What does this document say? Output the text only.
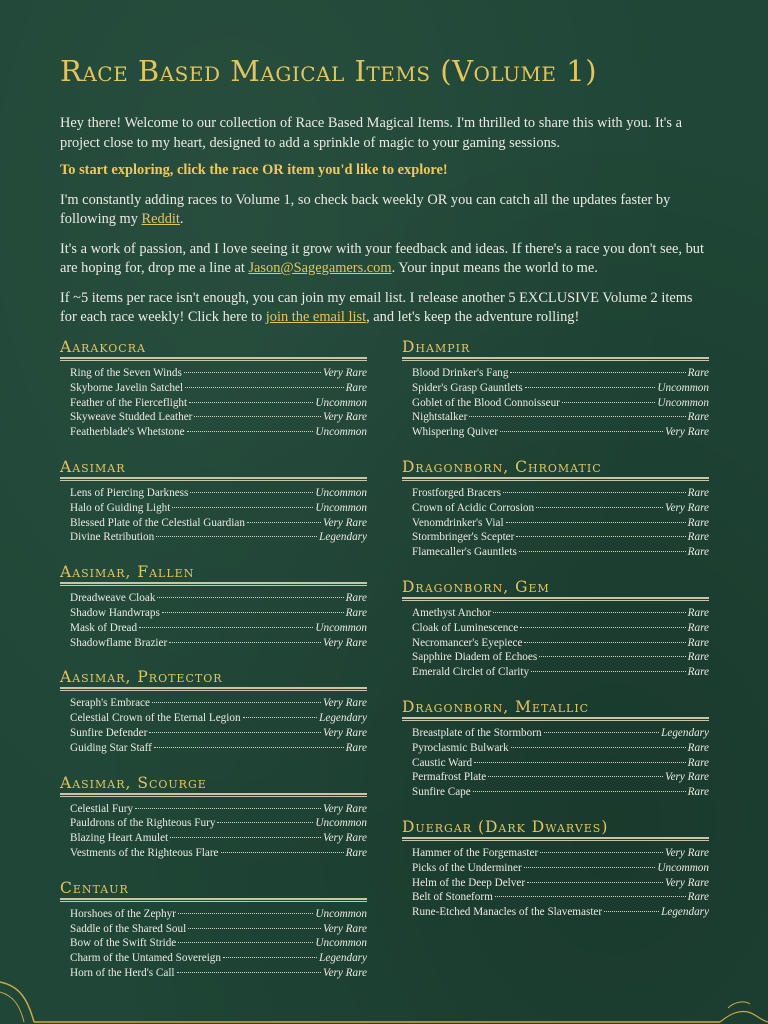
Race Based Magical Items (Volume 1)

Hey there! Welcome to our collection of Race Based Magical Items. I'm thrilled to share this with you. It's a project close to my heart, designed to add a sprinkle of magic to your gaming sessions.

To start exploring, click the race OR item you'd like to explore!

I'm constantly adding races to Volume 1, so check back weekly OR you can catch all the updates faster by following my Reddit.

It's a work of passion, and I love seeing it grow with your feedback and ideas. If there's a race you don't see, but are hoping for, drop me a line at Jason@Sagegamers.com. Your input means the world to me.

If ~5 items per race isn't enough, you can join my email list. I release another 5 EXCLUSIVE Volume 2 items for each race weekly! Click here to join the email list, and let's keep the adventure rolling!

Aarakocra
Ring of the Seven Winds	Very Rare
Skyborne Javelin Satchel	Rare
Feather of the Fierceflight	Uncommon
Skyweave Studded Leather	Very Rare
Featherblade's Whetstone	Uncommon
Aasimar
Lens of Piercing Darkness	Uncommon
Halo of Guiding Light	Uncommon
Blessed Plate of the Celestial Guardian	Very Rare
Divine Retribution	Legendary
Aasimar, Fallen
Dreadweave Cloak	Rare
Shadow Handwraps	Rare
Mask of Dread	Uncommon
Shadowflame Brazier	Very Rare
Aasimar, Protector
Seraph's Embrace	Very Rare
Celestial Crown of the Eternal Legion	Legendary
Sunfire Defender	Very Rare
Guiding Star Staff	Rare
Aasimar, Scourge
Celestial Fury	Very Rare
Pauldrons of the Righteous Fury	Uncommon
Blazing Heart Amulet	Very Rare
Vestments of the Righteous Flare	Rare
Centaur
Horshoes of the Zephyr	Uncommon
Saddle of the Shared Soul	Very Rare
Bow of the Swift Stride	Uncommon
Charm of the Untamed Sovereign	Legendary
Horn of the Herd's Call	Very Rare
Dhampir
Blood Drinker's Fang	Rare
Spider's Grasp Gauntlets	Uncommon
Goblet of the Blood Connoisseur	Uncommon
Nightstalker	Rare
Whispering Quiver	Very Rare
Dragonborn, Chromatic
Frostforged Bracers	Rare
Crown of Acidic Corrosion	Very Rare
Venomdrinker's Vial	Rare
Stormbringer's Scepter	Rare
Flamecaller's Gauntlets	Rare
Dragonborn, Gem
Amethyst Anchor	Rare
Cloak of Luminescence	Rare
Necromancer's Eyepiece	Rare
Sapphire Diadem of Echoes	Rare
Emerald Circlet of Clarity	Rare
Dragonborn, Metallic
Breastplate of the Stormborn	Legendary
Pyroclasmic Bulwark	Rare
Caustic Ward	Rare
Permafrost Plate	Very Rare
Sunfire Cape	Rare
Duergar (Dark Dwarves)
Hammer of the Forgemaster	Very Rare
Picks of the Underminer	Uncommon
Helm of the Deep Delver	Very Rare
Belt of Stoneform	Rare
Rune-Etched Manacles of the Slavemaster	Legendary
